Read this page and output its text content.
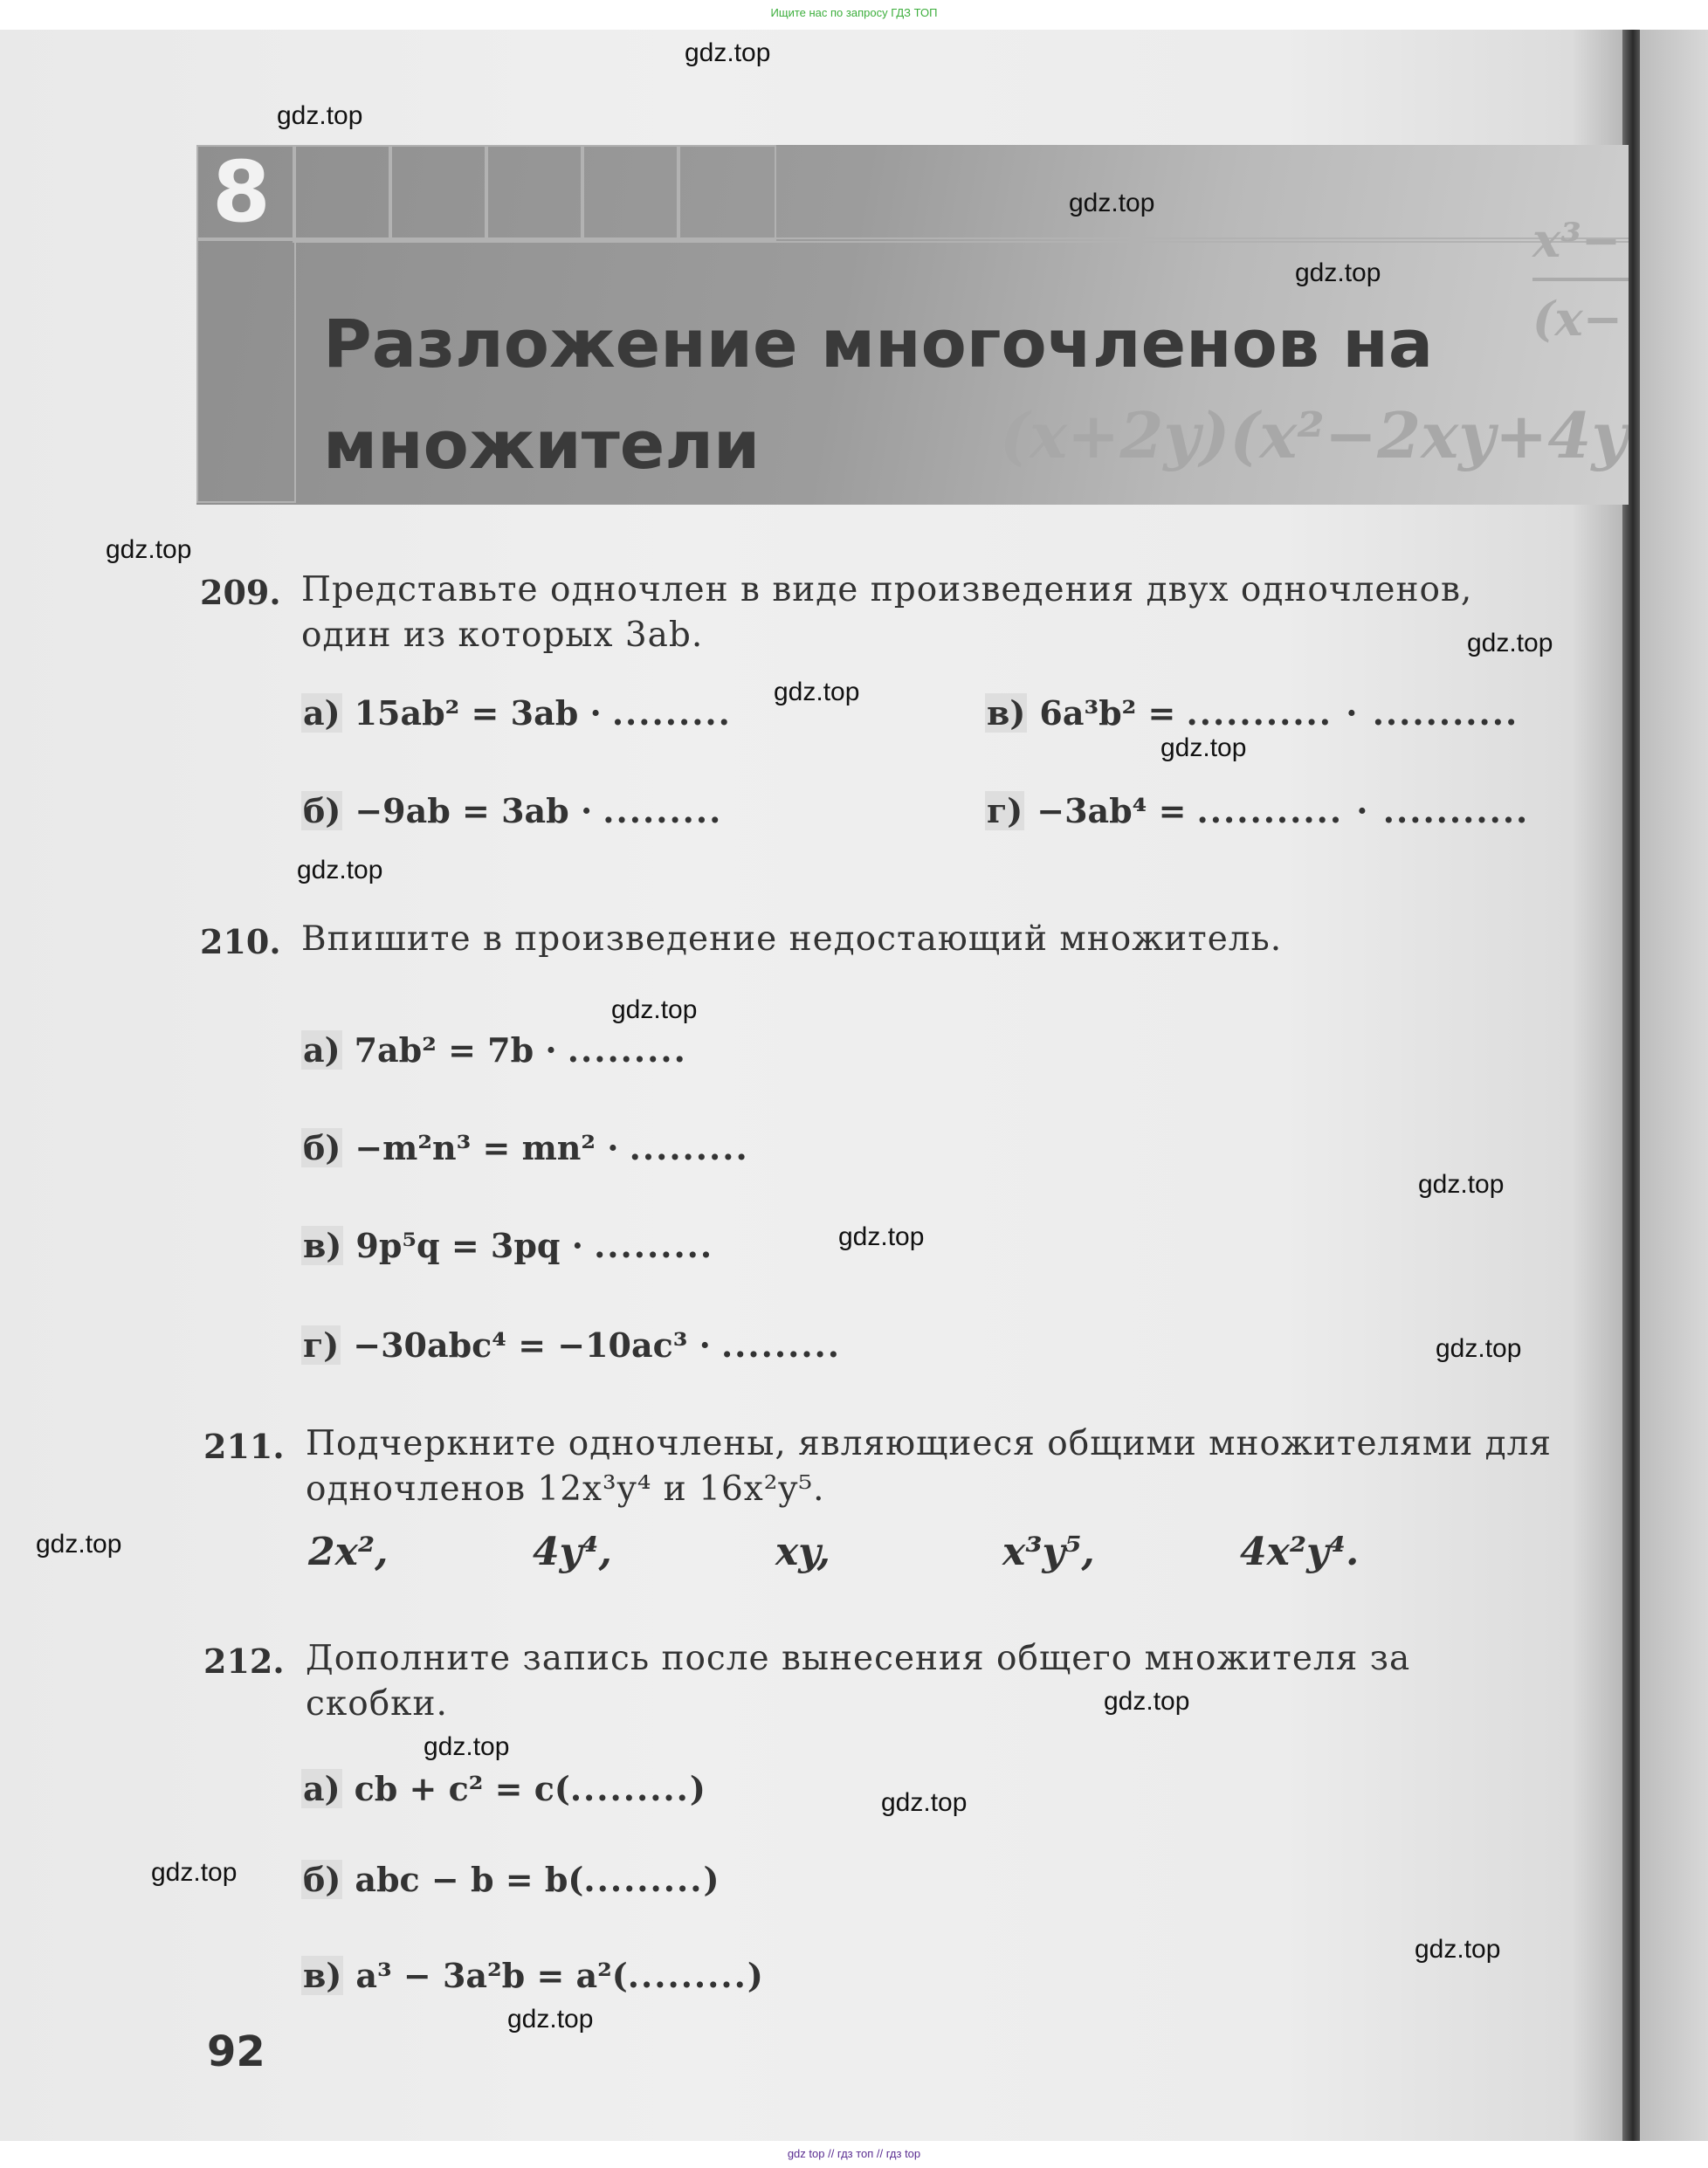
Ищите нас по запросу ГДЗ ТОП
8
Разложение многочленов на множители	(x+2y)(x²−2xy+4y
x³−
(x−
209. Представьте одночлен в виде произведения двух одночленов, один из которых 3ab.

а) 15ab² = 3ab · .........	в) 6a³b² = ........... · ...........
б) −9ab = 3ab · .........	г) −3ab⁴ = ........... · ...........
210. Впишите в произведение недостающий множитель.

а) 7ab² = 7b · .........
б) −m²n³ = mn² · .........
в) 9p⁵q = 3pq · .........
г) −30abc⁴ = −10ac³ · .........
211. Подчеркните одночлены, являющиеся общими множителями для одночленов 12x³y⁴ и 16x²y⁵.

2x²,	4y⁴,	xy,	x³y⁵,	4x²y⁴.
212. Дополните запись после вынесения общего множителя за скобки.

а) cb + c² = c(.........)
б) abc − b = b(.........)
в) a³ − 3a²b = a²(.........)
92
gdz.top
gdz.top
gdz.top
gdz.top
gdz.top
gdz.top
gdz.top
gdz.top
gdz.top
gdz.top
gdz.top
gdz.top
gdz.top
gdz.top
gdz.top
gdz.top
gdz.top
gdz.top
gdz.top
gdz.top
gdz top // гдз топ // гдз top
